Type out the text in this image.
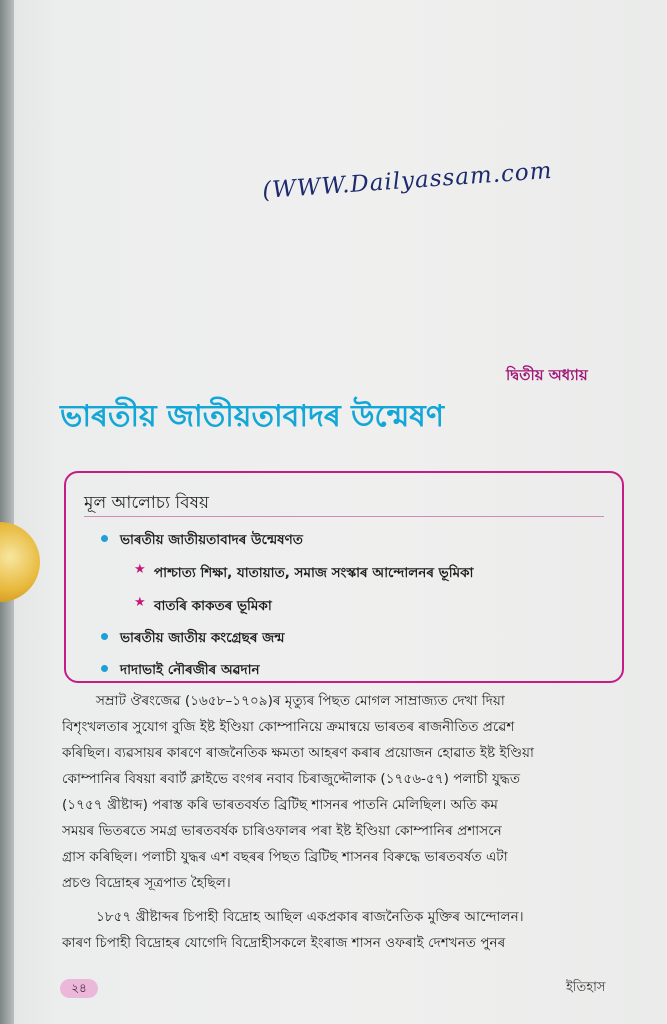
(WWW.Dailyassam.com
দ্বিতীয় অধ্যায়
ভাৰতীয় জাতীয়তাবাদৰ উন্মেষণ
মূল আলোচ্য বিষয়
ভাৰতীয় জাতীয়তাবাদৰ উন্মেষণত
★ পাশ্চাত্য শিক্ষা, যাতায়াত, সমাজ সংস্কাৰ আন্দোলনৰ ভূমিকা
★ বাতৰি কাকতৰ ভূমিকা
ভাৰতীয় জাতীয় কংগ্ৰেছৰ জন্ম
দাদাভাই নৌৰজীৰ অৱদান
সম্ৰাট ঔৰংজেৱ (১৬৫৮–১৭০৯)ৰ মৃত্যুৰ পিছত মোগল সাম্ৰাজ্যত দেখা দিয়া
বিশৃংখলতাৰ সুযোগ বুজি ইষ্ট ইণ্ডিয়া কোম্পানিয়ে ক্ৰমান্বয়ে ভাৰতৰ ৰাজনীতিত প্ৰৱেশ
কৰিছিল। ব্যৱসায়ৰ কাৰণে ৰাজনৈতিক ক্ষমতা আহৰণ কৰাৰ প্ৰয়োজন হোৱাত ইষ্ট ইণ্ডিয়া
কোম্পানিৰ বিষয়া ৰবাৰ্ট ক্লাইভে বংগৰ নবাব চিৰাজুদ্দৌলাক (১৭৫৬-৫৭) পলাচী যুদ্ধত
(১৭৫৭ খ্ৰীষ্টাব্দ) পৰাস্ত কৰি ভাৰতবৰ্ষত ব্ৰিটিছ শাসনৰ পাতনি মেলিছিল। অতি কম
সময়ৰ ভিতৰতে সমগ্ৰ ভাৰতবৰ্ষক চাৰিওফালৰ পৰা ইষ্ট ইণ্ডিয়া কোম্পানিৰ প্ৰশাসনে
গ্ৰাস কৰিছিল। পলাচী যুদ্ধৰ এশ বছৰৰ পিছত ব্ৰিটিছ শাসনৰ বিৰুদ্ধে ভাৰতবৰ্ষত এটা
প্ৰচণ্ড বিদ্ৰোহৰ সূত্ৰপাত হৈছিল।
১৮৫৭ খ্ৰীষ্টাব্দৰ চিপাহী বিদ্ৰোহ আছিল একপ্ৰকাৰ ৰাজনৈতিক মুক্তিৰ আন্দোলন।
কাৰণ চিপাহী বিদ্ৰোহৰ যোগেদি বিদ্ৰোহীসকলে ইংৰাজ শাসন ওফৰাই দেশখনত পুনৰ
২৪	ইতিহাস
